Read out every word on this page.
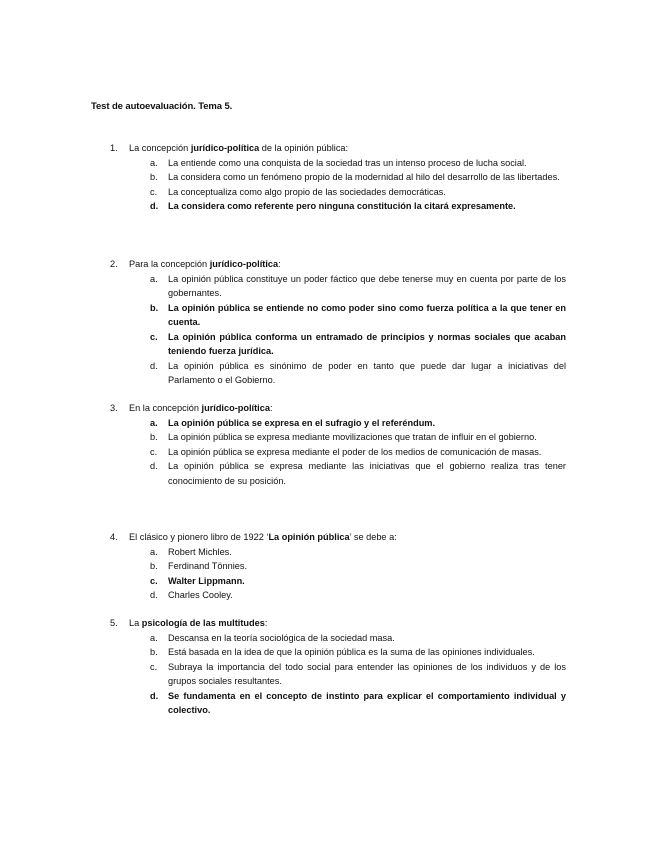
Test de autoevaluación. Tema 5.
1.	La concepción jurídico-política de la opinión pública:
a.	La entiende como una conquista de la sociedad tras un intenso proceso de lucha social.
b.	La considera como un fenómeno propio de la modernidad al hilo del desarrollo de las libertades.
c.	La conceptualiza como algo propio de las sociedades democráticas.
d.	La considera como referente pero ninguna constitución la citará expresamente.
2.	Para la concepción jurídico-política:
a.	La opinión pública constituye un poder fáctico que debe tenerse muy en cuenta por parte de los gobernantes.
b.	La opinión pública se entiende no como poder sino como fuerza política a la que tener en cuenta.
c.	La opinión pública conforma un entramado de principios y normas sociales que acaban teniendo fuerza jurídica.
d.	La opinión pública es sinónimo de poder en tanto que puede dar lugar a iniciativas del Parlamento o el Gobierno.
3.	En la concepción jurídico-política:
a.	La opinión pública se expresa en el sufragio y el referéndum.
b.	La opinión pública se expresa mediante movilizaciones que tratan de influir en el gobierno.
c.	La opinión pública se expresa mediante el poder de los medios de comunicación de masas.
d.	La opinión pública se expresa mediante las iniciativas que el gobierno realiza tras tener conocimiento de su posición.
4.	El clásico y pionero libro de 1922 ‘La opinión pública’ se debe a:
a.	Robert Michles.
b.	Ferdinand Tönnies.
c.	Walter Lippmann.
d.	Charles Cooley.
5.	La psicología de las multitudes:
a.	Descansa en la teoría sociológica de la sociedad masa.
b.	Está basada en la idea de que la opinión pública es la suma de las opiniones individuales.
c.	Subraya la importancia del todo social para entender las opiniones de los individuos y de los grupos sociales resultantes.
d.	Se fundamenta en el concepto de instinto para explicar el comportamiento individual y colectivo.
